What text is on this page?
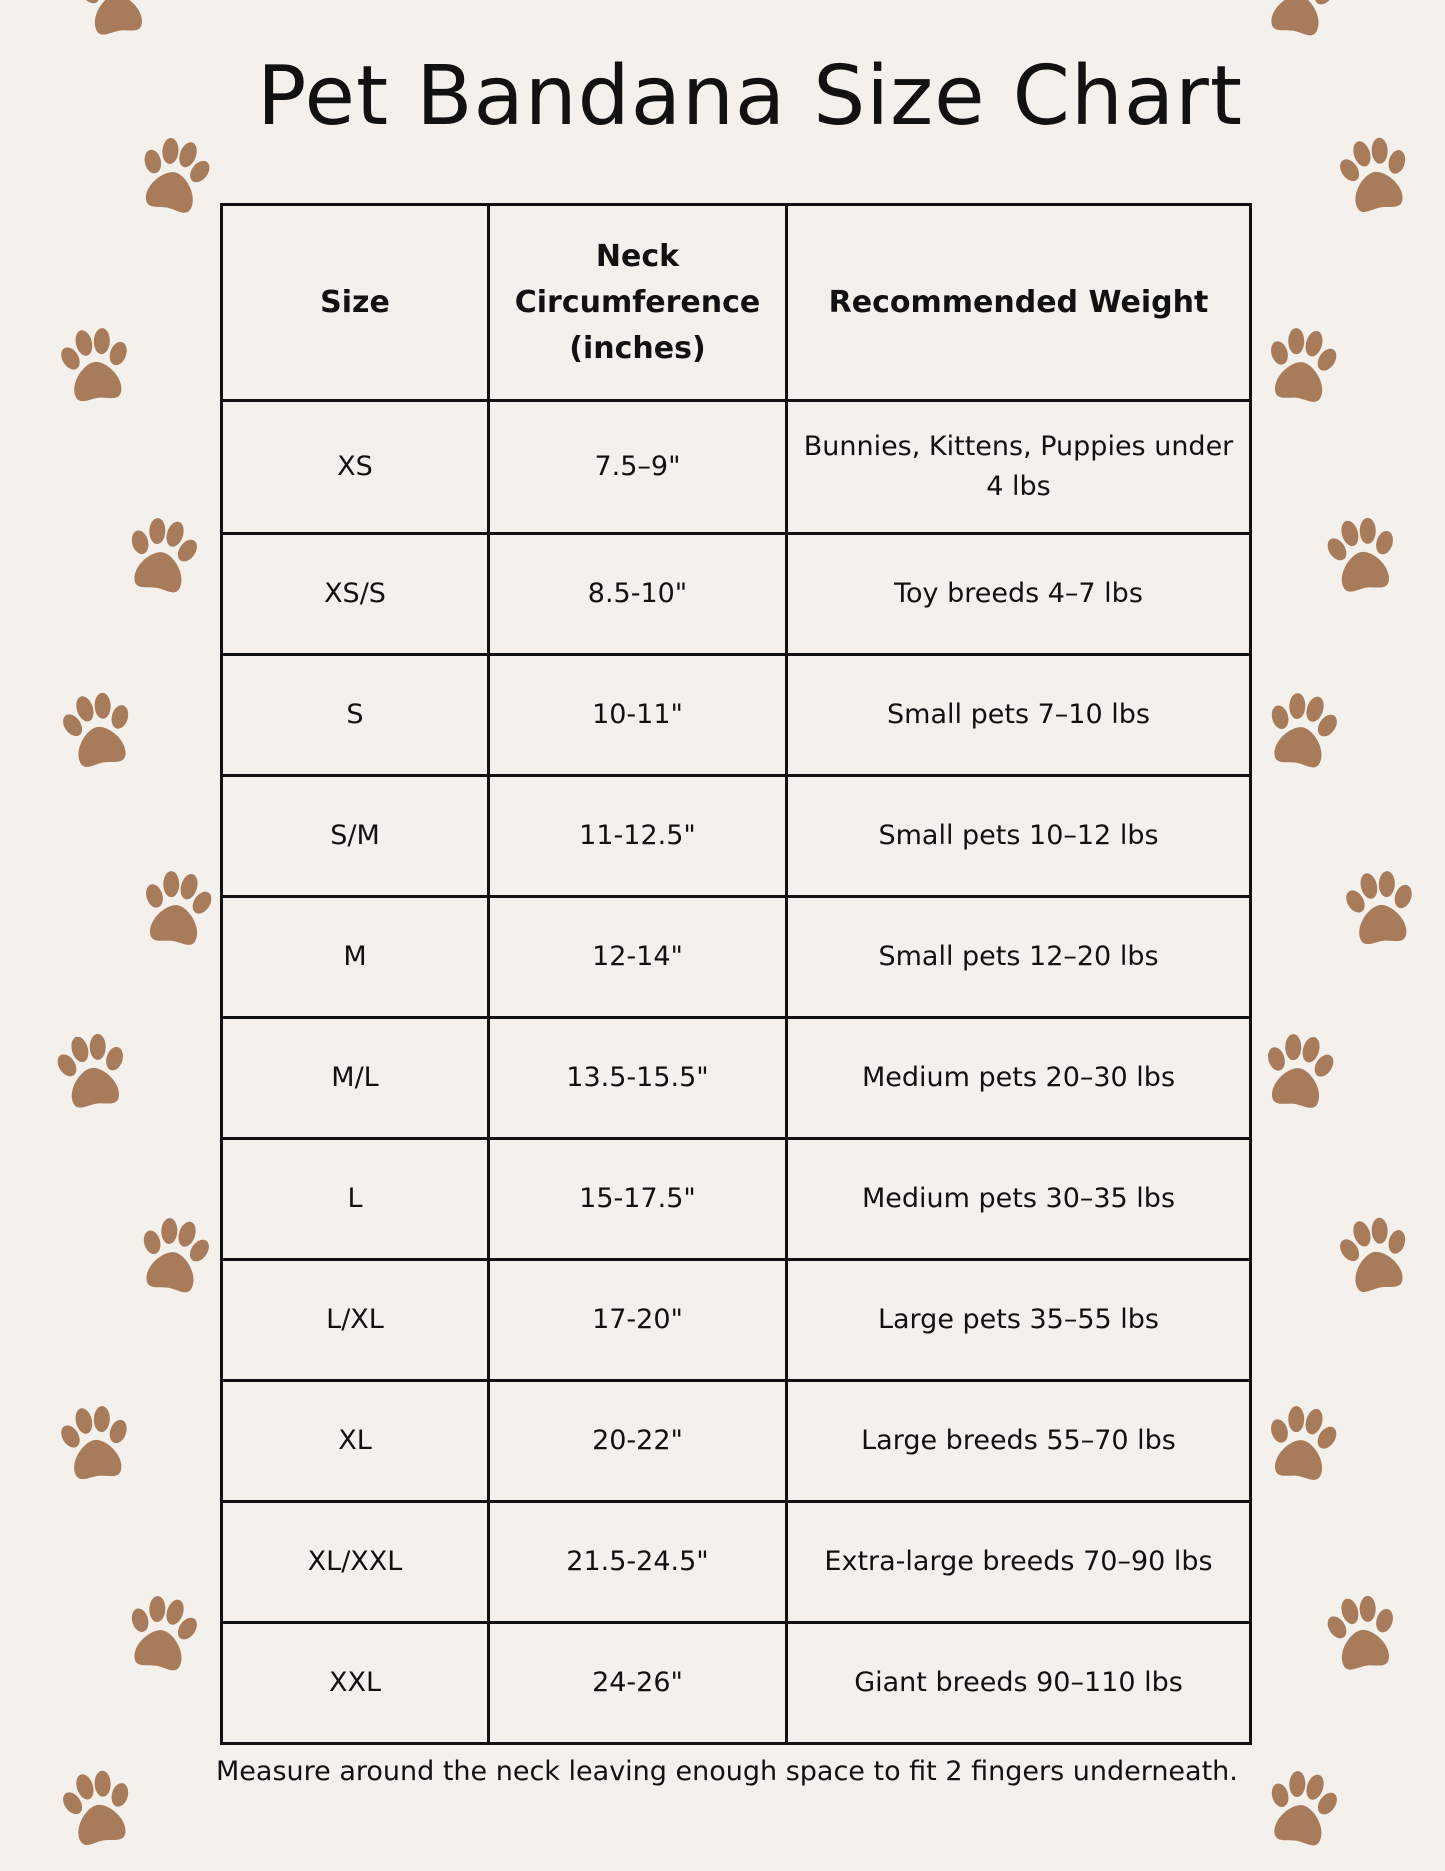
Pet Bandana Size Chart
Size	Neck Circumference (inches)	Recommended Weight
XS	7.5–9"	Bunnies, Kittens, Puppies under 4 lbs
XS/S	8.5-10"	Toy breeds 4–7 lbs
S	10-11"	Small pets 7–10 lbs
S/M	11-12.5"	Small pets 10–12 lbs
M	12-14"	Small pets 12–20 lbs
M/L	13.5-15.5"	Medium pets 20–30 lbs
L	15-17.5"	Medium pets 30–35 lbs
L/XL	17-20"	Large pets 35–55 lbs
XL	20-22"	Large breeds 55–70 lbs
XL/XXL	21.5-24.5"	Extra-large breeds 70–90 lbs
XXL	24-26"	Giant breeds 90–110 lbs

Measure around the neck leaving enough space to fit 2 fingers underneath.
